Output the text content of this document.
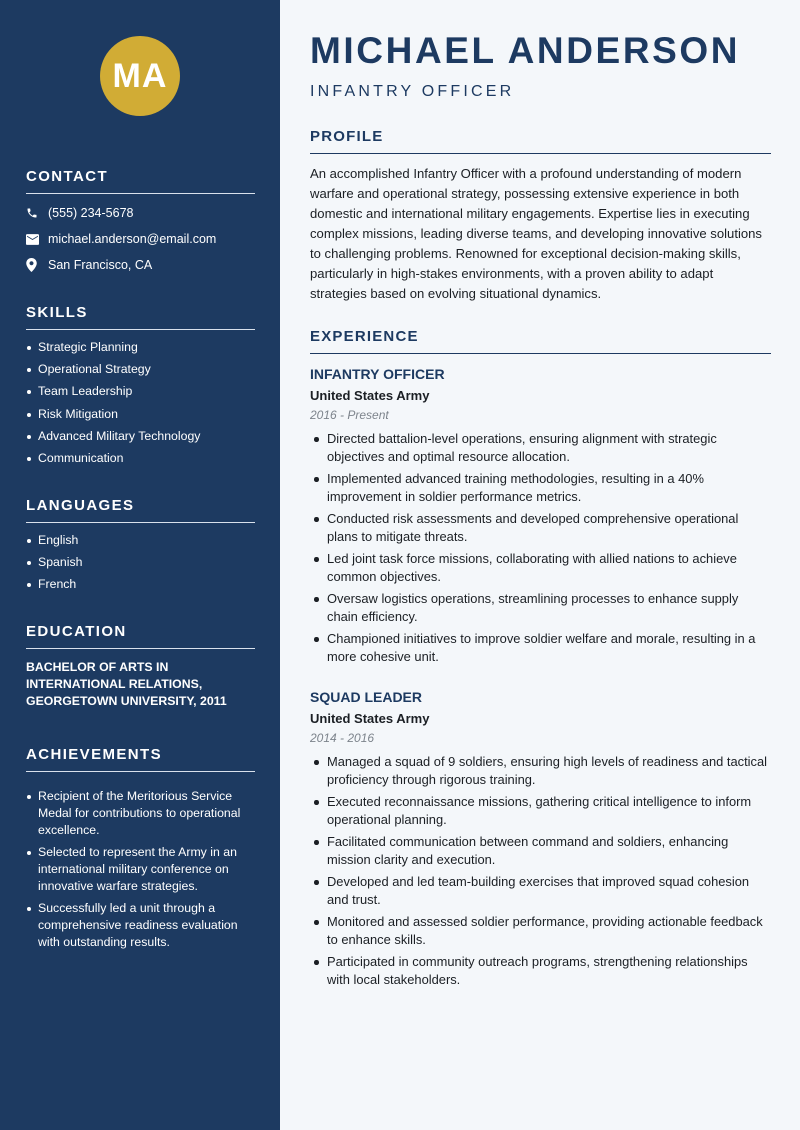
MA
CONTACT
(555) 234-5678
michael.anderson@email.com
San Francisco, CA
SKILLS
Strategic Planning
Operational Strategy
Team Leadership
Risk Mitigation
Advanced Military Technology
Communication
LANGUAGES
English
Spanish
French
EDUCATION
BACHELOR OF ARTS IN INTERNATIONAL RELATIONS, GEORGETOWN UNIVERSITY, 2011
ACHIEVEMENTS
Recipient of the Meritorious Service Medal for contributions to operational excellence.
Selected to represent the Army in an international military conference on innovative warfare strategies.
Successfully led a unit through a comprehensive readiness evaluation with outstanding results.
MICHAEL ANDERSON
INFANTRY OFFICER
PROFILE
An accomplished Infantry Officer with a profound understanding of modern warfare and operational strategy, possessing extensive experience in both domestic and international military engagements. Expertise lies in executing complex missions, leading diverse teams, and developing innovative solutions to challenging problems. Renowned for exceptional decision-making skills, particularly in high-stakes environments, with a proven ability to adapt strategies based on evolving situational dynamics.
EXPERIENCE
INFANTRY OFFICER
United States Army
2016 - Present
Directed battalion-level operations, ensuring alignment with strategic objectives and optimal resource allocation.
Implemented advanced training methodologies, resulting in a 40% improvement in soldier performance metrics.
Conducted risk assessments and developed comprehensive operational plans to mitigate threats.
Led joint task force missions, collaborating with allied nations to achieve common objectives.
Oversaw logistics operations, streamlining processes to enhance supply chain efficiency.
Championed initiatives to improve soldier welfare and morale, resulting in a more cohesive unit.
SQUAD LEADER
United States Army
2014 - 2016
Managed a squad of 9 soldiers, ensuring high levels of readiness and tactical proficiency through rigorous training.
Executed reconnaissance missions, gathering critical intelligence to inform operational planning.
Facilitated communication between command and soldiers, enhancing mission clarity and execution.
Developed and led team-building exercises that improved squad cohesion and trust.
Monitored and assessed soldier performance, providing actionable feedback to enhance skills.
Participated in community outreach programs, strengthening relationships with local stakeholders.
